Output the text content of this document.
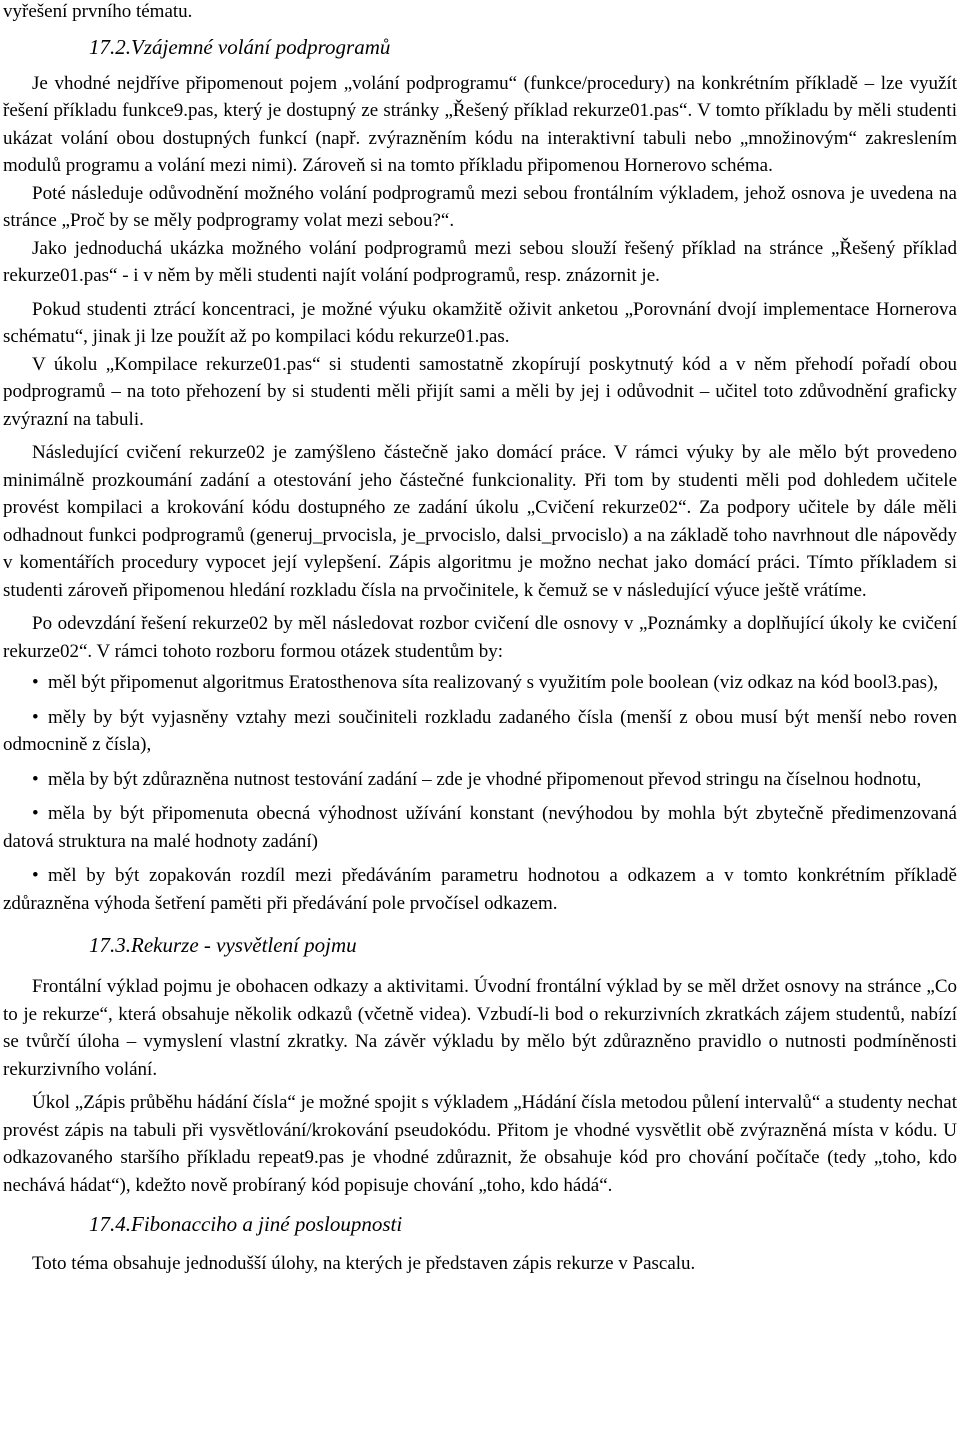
vyřešení prvního tématu.

17.2.Vzájemné volání podprogramů

Je vhodné nejdříve připomenout pojem „volání podprogramu“ (funkce/procedury) na konkrétním příkladě – lze využít řešení příkladu funkce9.pas, který je dostupný ze stránky „Řešený příklad rekurze01.pas“. V tomto příkladu by měli studenti ukázat volání obou dostupných funkcí (např. zvýrazněním kódu na interaktivní tabuli nebo „množinovým“ zakreslením modulů programu a volání mezi nimi). Zároveň si na tomto příkladu připomenou Hornerovo schéma.

Poté následuje odůvodnění možného volání podprogramů mezi sebou frontálním výkladem, jehož osnova je uvedena na stránce „Proč by se měly podprogramy volat mezi sebou?“.

Jako jednoduchá ukázka možného volání podprogramů mezi sebou slouží řešený příklad na stránce „Řešený příklad rekurze01.pas“ - i v něm by měli studenti najít volání podprogramů, resp. znázornit je.

Pokud studenti ztrácí koncentraci, je možné výuku okamžitě oživit anketou „Porovnání dvojí implementace Hornerova schématu“, jinak ji lze použít až po kompilaci kódu rekurze01.pas.

V úkolu „Kompilace rekurze01.pas“ si studenti samostatně zkopírují poskytnutý kód a v něm přehodí pořadí obou podprogramů – na toto přehození by si studenti měli přijít sami a měli by jej i odůvodnit – učitel toto zdůvodnění graficky zvýrazní na tabuli.

Následující cvičení rekurze02 je zamýšleno částečně jako domácí práce. V rámci výuky by ale mělo být provedeno minimálně prozkoumání zadání a otestování jeho částečné funkcionality. Při tom by studenti měli pod dohledem učitele provést kompilaci a krokování kódu dostupného ze zadání úkolu „Cvičení rekurze02“. Za podpory učitele by dále měli odhadnout funkci podprogramů (generuj_prvocisla, je_prvocislo, dalsi_prvocislo) a na základě toho navrhnout dle nápovědy v komentářích procedury vypocet její vylepšení. Zápis algoritmu je možno nechat jako domácí práci. Tímto příkladem si studenti zároveň připomenou hledání rozkladu čísla na prvočinitele, k čemuž se v následující výuce ještě vrátíme.

Po odevzdání řešení rekurze02 by měl následovat rozbor cvičení dle osnovy v „Poznámky a doplňující úkoly ke cvičení rekurze02“. V rámci tohoto rozboru formou otázek studentům by:

• měl být připomenut algoritmus Eratosthenova síta realizovaný s využitím pole boolean (viz odkaz na kód bool3.pas),

• měly by být vyjasněny vztahy mezi součiniteli rozkladu zadaného čísla (menší z obou musí být menší nebo roven odmocnině z čísla),

• měla by být zdůrazněna nutnost testování zadání – zde je vhodné připomenout převod stringu na číselnou hodnotu,

• měla by být připomenuta obecná výhodnost užívání konstant (nevýhodou by mohla být zbytečně předimenzovaná datová struktura na malé hodnoty zadání)

• měl by být zopakován rozdíl mezi předáváním parametru hodnotou a odkazem a v tomto konkrétním příkladě zdůrazněna výhoda šetření paměti při předávání pole prvočísel odkazem.

17.3.Rekurze - vysvětlení pojmu

Frontální výklad pojmu je obohacen odkazy a aktivitami. Úvodní frontální výklad by se měl držet osnovy na stránce „Co to je rekurze“, která obsahuje několik odkazů (včetně videa). Vzbudí-li bod o rekurzivních zkratkách zájem studentů, nabízí se tvůrčí úloha – vymyslení vlastní zkratky. Na závěr výkladu by mělo být zdůrazněno pravidlo o nutnosti podmíněnosti rekurzivního volání.

Úkol „Zápis průběhu hádání čísla“ je možné spojit s výkladem „Hádání čísla metodou půlení intervalů“ a studenty nechat provést zápis na tabuli při vysvětlování/krokování pseudokódu. Přitom je vhodné vysvětlit obě zvýrazněná místa v kódu. U odkazovaného staršího příkladu repeat9.pas je vhodné zdůraznit, že obsahuje kód pro chování počítače (tedy „toho, kdo nechává hádat“), kdežto nově probíraný kód popisuje chování „toho, kdo hádá“.

17.4.Fibonacciho a jiné posloupnosti

Toto téma obsahuje jednodušší úlohy, na kterých je představen zápis rekurze v Pascalu.
